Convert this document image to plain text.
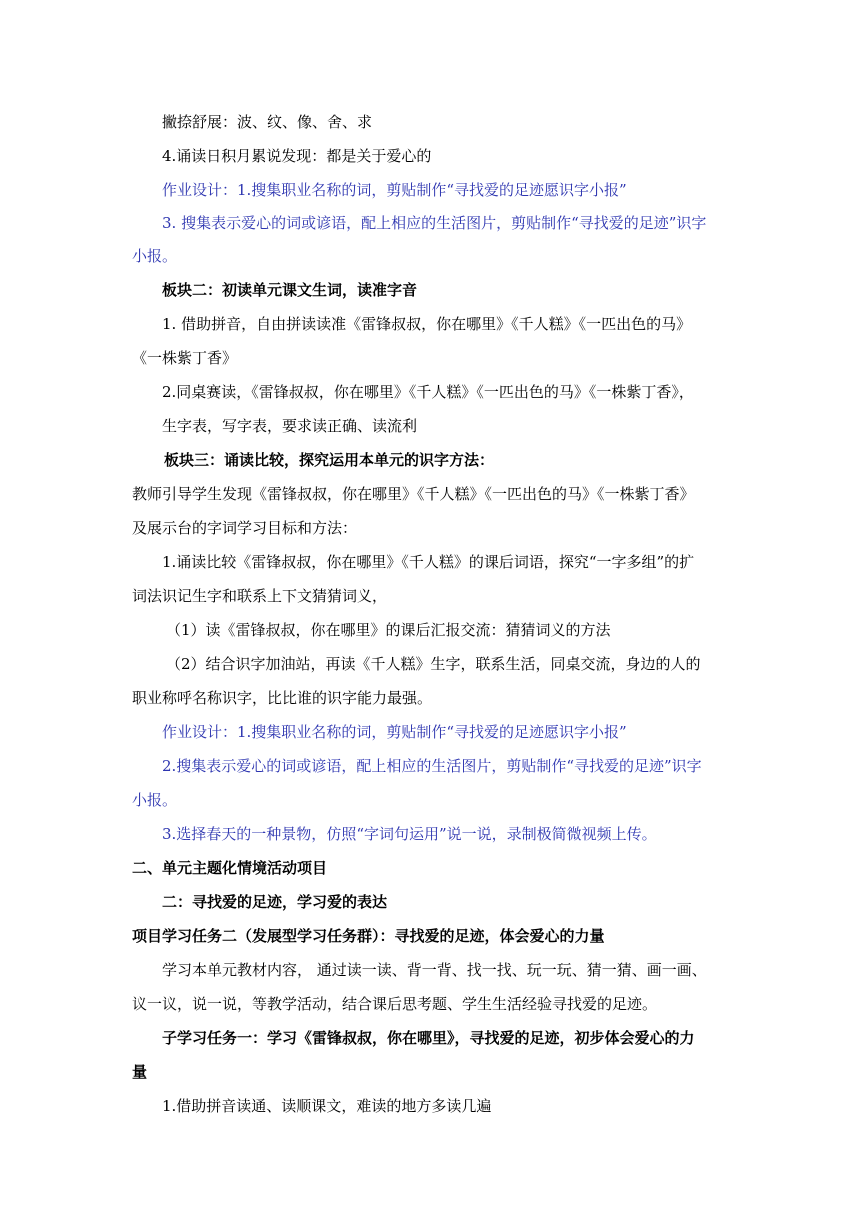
撇捺舒展：波、纹、像、舍、求
4.诵读日积月累说发现：都是关于爱心的
作业设计：1.搜集职业名称的词，剪贴制作“寻找爱的足迹愿识字小报”
3. 搜集表示爱心的词或谚语，配上相应的生活图片，剪贴制作“寻找爱的足迹”识字
小报。
板块二：初读单元课文生词，读准字音
1. 借助拼音，自由拼读读准《雷锋叔叔，你在哪里》《千人糕》《一匹出色的马》
《一株紫丁香》
2.同桌赛读，《雷锋叔叔，你在哪里》《千人糕》《一匹出色的马》《一株紫丁香》，
生字表，写字表，要求读正确、读流利
板块三：诵读比较，探究运用本单元的识字方法：
教师引导学生发现《雷锋叔叔，你在哪里》《千人糕》《一匹出色的马》《一株紫丁香》
及展示台的字词学习目标和方法：
1.诵读比较《雷锋叔叔，你在哪里》《千人糕》的课后词语，探究“一字多组”的扩
词法识记生字和联系上下文猜猜词义，
（1）读《雷锋叔叔，你在哪里》的课后汇报交流：猜猜词义的方法
（2）结合识字加油站，再读《千人糕》生字，联系生活，同桌交流，身边的人的
职业称呼名称识字，比比谁的识字能力最强。
作业设计：1.搜集职业名称的词，剪贴制作“寻找爱的足迹愿识字小报”
2.搜集表示爱心的词或谚语，配上相应的生活图片，剪贴制作“寻找爱的足迹”识字
小报。
3.选择春天的一种景物，仿照“字词句运用”说一说，录制极简微视频上传。
二、单元主题化情境活动项目
二：寻找爱的足迹，学习爱的表达
项目学习任务二（发展型学习任务群）：寻找爱的足迹，体会爱心的力量
学习本单元教材内容， 通过读一读、背一背、找一找、玩一玩、猜一猜、画一画、
议一议，说一说，等教学活动，结合课后思考题、学生生活经验寻找爱的足迹。
子学习任务一：学习《雷锋叔叔，你在哪里》，寻找爱的足迹，初步体会爱心的力
量
1.借助拼音读通、读顺课文，难读的地方多读几遍
